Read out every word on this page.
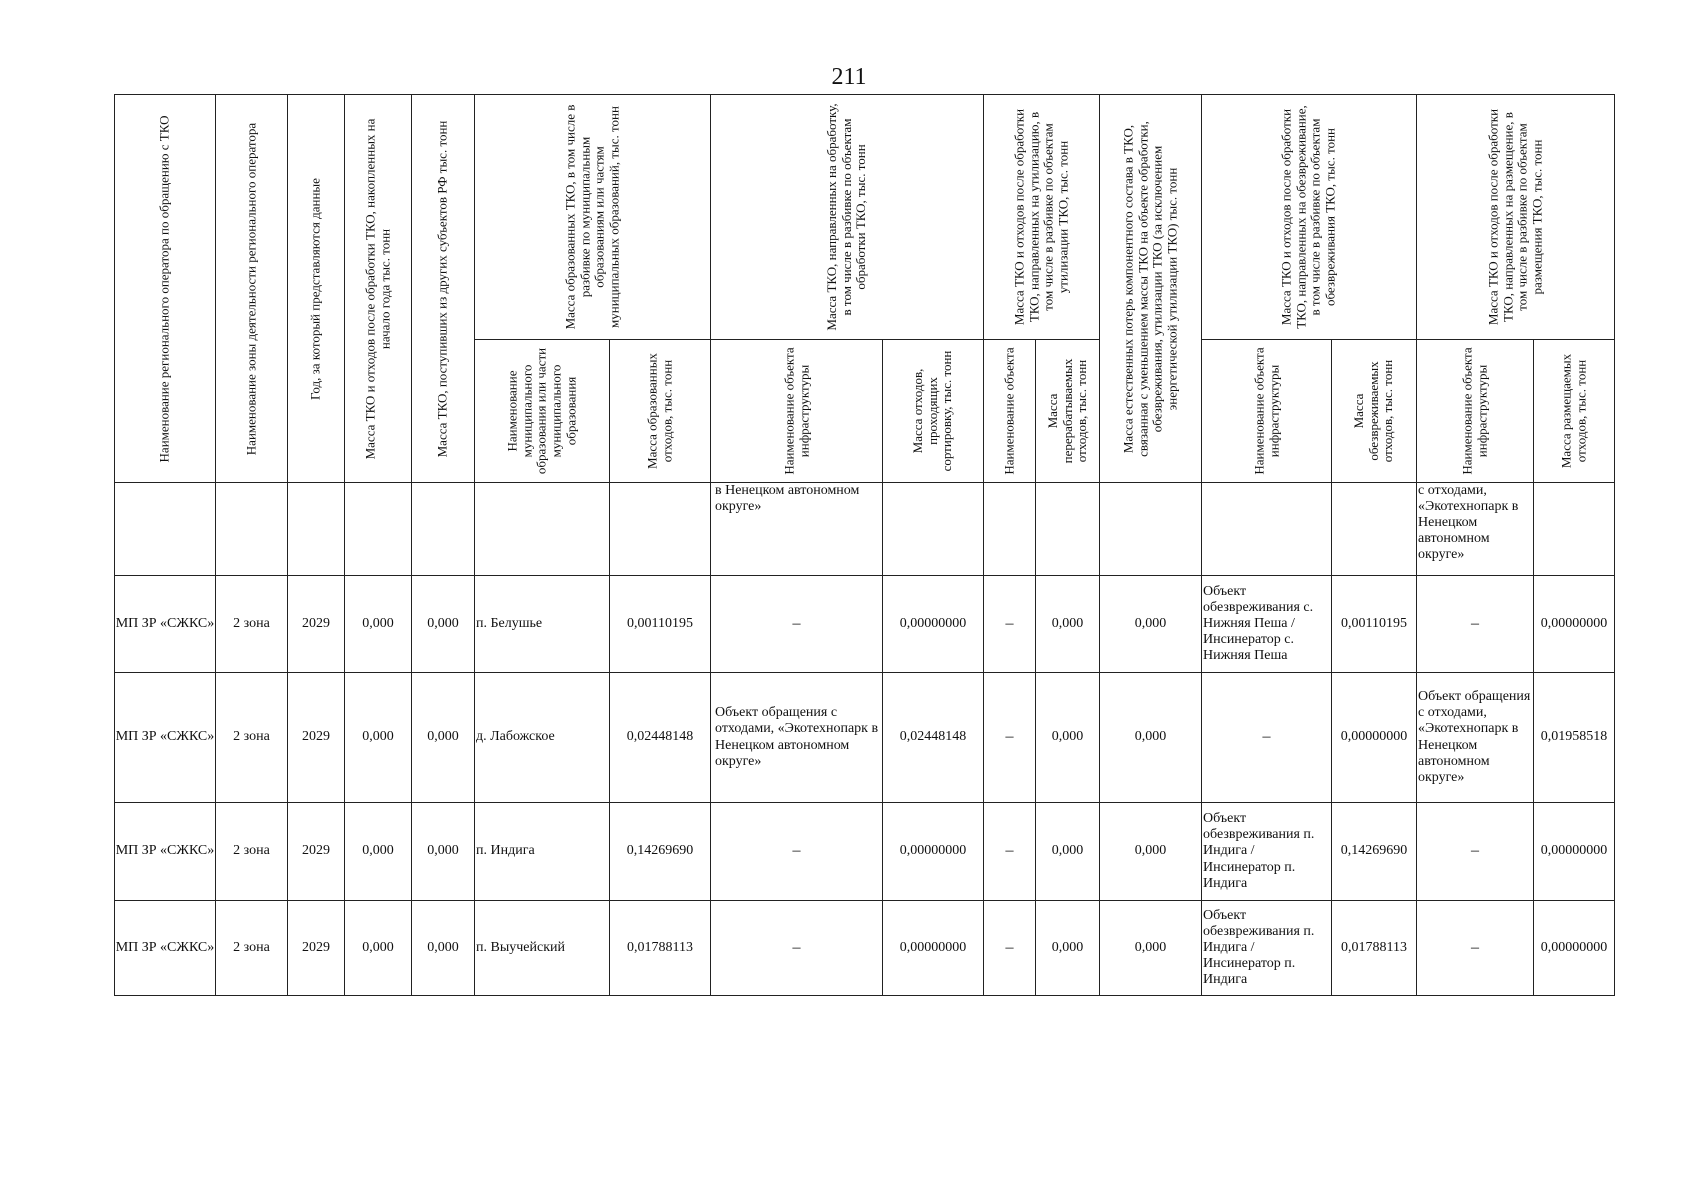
211
Наименование регионального оператора по обращению с ТКО	Наименование зоны деятельности регионального оператора	Год, за который представляются данные	Масса ТКО и отходов после обработки ТКО, накопленных на начало года тыс. тонн	Масса ТКО, поступивших из других субъектов РФ тыс. тонн	Масса образованных ТКО, в том числе в разбивке по муниципальным образованиям или частям муниципальных образований, тыс. тонн		Масса ТКО, направленных на обработку, в том числе в разбивке по объектам обработки ТКО, тыс. тонн		Масса ТКО и отходов после обработки ТКО, направленных на утилизацию, в том числе в разбивке по объектам утилизации ТКО, тыс. тонн		Масса естественных потерь компонентного состава в ТКО, связанная с уменьшением массы ТКО на объекте обработки, обезвреживания, утилизации ТКО (за исключением энергетической утилизации ТКО) тыс. тонн	Масса ТКО и отходов после обработки ТКО, направленных на обезвреживание, в том числе в разбивке по объектам обезвреживания ТКО, тыс. тонн		Масса ТКО и отходов после обработки ТКО, направленных на размещение, в том числе в разбивке по объектам размещения ТКО, тыс. тонн	

					Наименование муниципального образования или части муниципального образования	Масса образованных отходов, тыс. тонн	Наименование объекта инфраструктуры	Масса отходов, проходящих сортировку, тыс. тонн	Наименование объекта	Масса перерабатываемых отходов, тыс. тонн		Наименование объекта инфраструктуры	Масса обезвреживаемых отходов, тыс. тонн	Наименование объекта инфраструктуры	Масса размещаемых отходов, тыс. тонн

							в Ненецком автономном округе»							с отходами, «Экотехнопарк в Ненецком автономном округе»	
МП ЗР «СЖКС»	2 зона	2029	0,000	0,000	п. Белушье	0,00110195	–	0,00000000	–	0,000	0,000	Объект обезвреживания с. Нижняя Пеша / Инсинератор с. Нижняя Пеша	0,00110195	–	0,00000000
МП ЗР «СЖКС»	2 зона	2029	0,000	0,000	д. Лабожское	0,02448148	Объект обращения с отходами, «Экотехнопарк в Ненецком автономном округе»	0,02448148	–	0,000	0,000	–	0,00000000	Объект обращения с отходами, «Экотехнопарк в Ненецком автономном округе»	0,01958518
МП ЗР «СЖКС»	2 зона	2029	0,000	0,000	п. Индига	0,14269690	–	0,00000000	–	0,000	0,000	Объект обезвреживания п. Индига / Инсинератор п. Индига	0,14269690	–	0,00000000
МП ЗР «СЖКС»	2 зона	2029	0,000	0,000	п. Выучейский	0,01788113	–	0,00000000	–	0,000	0,000	Объект обезвреживания п. Индига / Инсинератор п. Индига	0,01788113	–	0,00000000
